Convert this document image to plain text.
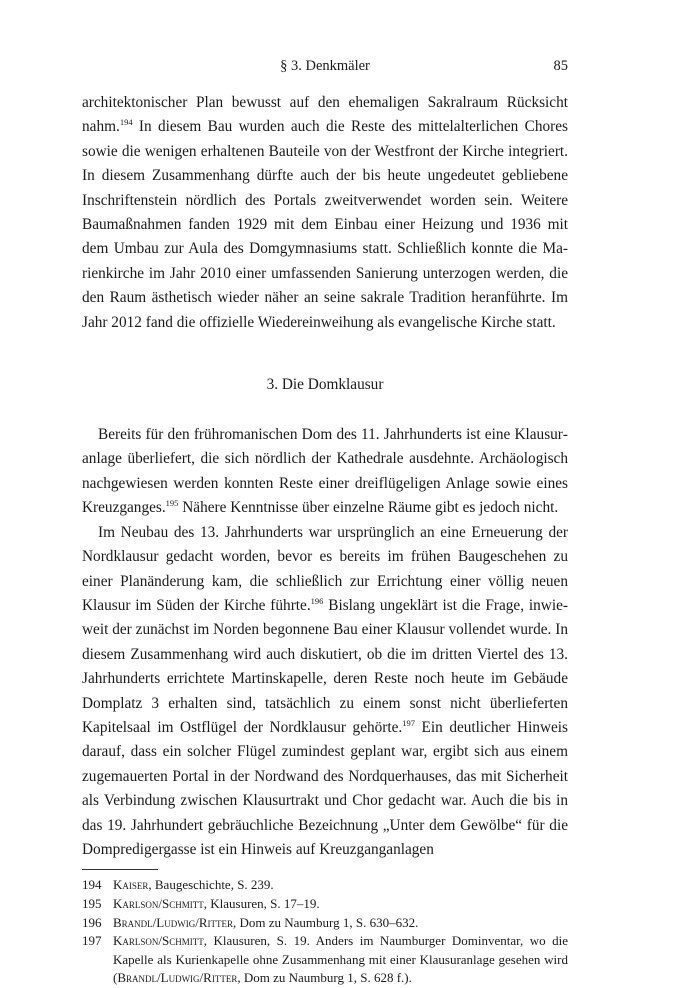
§ 3. Denkmäler	85

architektonischer Plan bewusst auf den ehemaligen Sakralraum Rücksicht nahm.$^{194}$ In diesem Bau wurden auch die Reste des mittelalterlichen Chores sowie die wenigen erhaltenen Bauteile von der Westfront der Kirche integriert. In diesem Zusammenhang dürfte auch der bis heute ungedeutet gebliebene Inschriftenstein nördlich des Portals zweitverwendet worden sein. Weitere Baumaßnahmen fanden 1929 mit dem Einbau einer Heizung und 1936 mit dem Umbau zur Aula des Domgymnasiums statt. Schließlich konnte die Marienkirche im Jahr 2010 einer umfassenden Sanierung unterzogen werden, die den Raum ästhetisch wieder näher an seine sakrale Tradition heranführte. Im Jahr 2012 fand die offizielle Wiedereinweihung als evangelische Kirche statt.

3. Die Domklausur

Bereits für den frühromanischen Dom des 11. Jahrhunderts ist eine Klausuranlage überliefert, die sich nördlich der Kathedrale ausdehnte. Archäologisch nachgewiesen werden konnten Reste einer dreiflügeligen Anlage sowie eines Kreuzganges.$^{195}$ Nähere Kenntnisse über einzelne Räume gibt es jedoch nicht.

Im Neubau des 13. Jahrhunderts war ursprünglich an eine Erneuerung der Nordklausur gedacht worden, bevor es bereits im frühen Baugeschehen zu einer Planänderung kam, die schließlich zur Errichtung einer völlig neuen Klausur im Süden der Kirche führte.$^{196}$ Bislang ungeklärt ist die Frage, inwieweit der zunächst im Norden begonnene Bau einer Klausur vollendet wurde. In diesem Zusammenhang wird auch diskutiert, ob die im dritten Viertel des 13. Jahrhunderts errichtete Martinskapelle, deren Reste noch heute im Gebäude Domplatz 3 erhalten sind, tatsächlich zu einem sonst nicht überlieferten Kapitelsaal im Ostflügel der Nordklausur gehörte.$^{197}$ Ein deutlicher Hinweis darauf, dass ein solcher Flügel zumindest geplant war, ergibt sich aus einem zugemauerten Portal in der Nordwand des Nordquerhauses, das mit Sicherheit als Verbindung zwischen Klausurtrakt und Chor gedacht war. Auch die bis in das 19. Jahrhundert gebräuchliche Bezeichnung „Unter dem Gewölbe“ für die Dompredigergasse ist ein Hinweis auf Kreuzganganlagen

194 Kaiser, Baugeschichte, S. 239.
195 Karlson/Schmitt, Klausuren, S. 17–19.
196 Brandl/Ludwig/Ritter, Dom zu Naumburg 1, S. 630–632.
197 Karlson/Schmitt, Klausuren, S. 19. Anders im Naumburger Dominventar, wo die Kapelle als Kurienkapelle ohne Zusammenhang mit einer Klausuranlage gesehen wird (Brandl/Ludwig/Ritter, Dom zu Naumburg 1, S. 628 f.).
